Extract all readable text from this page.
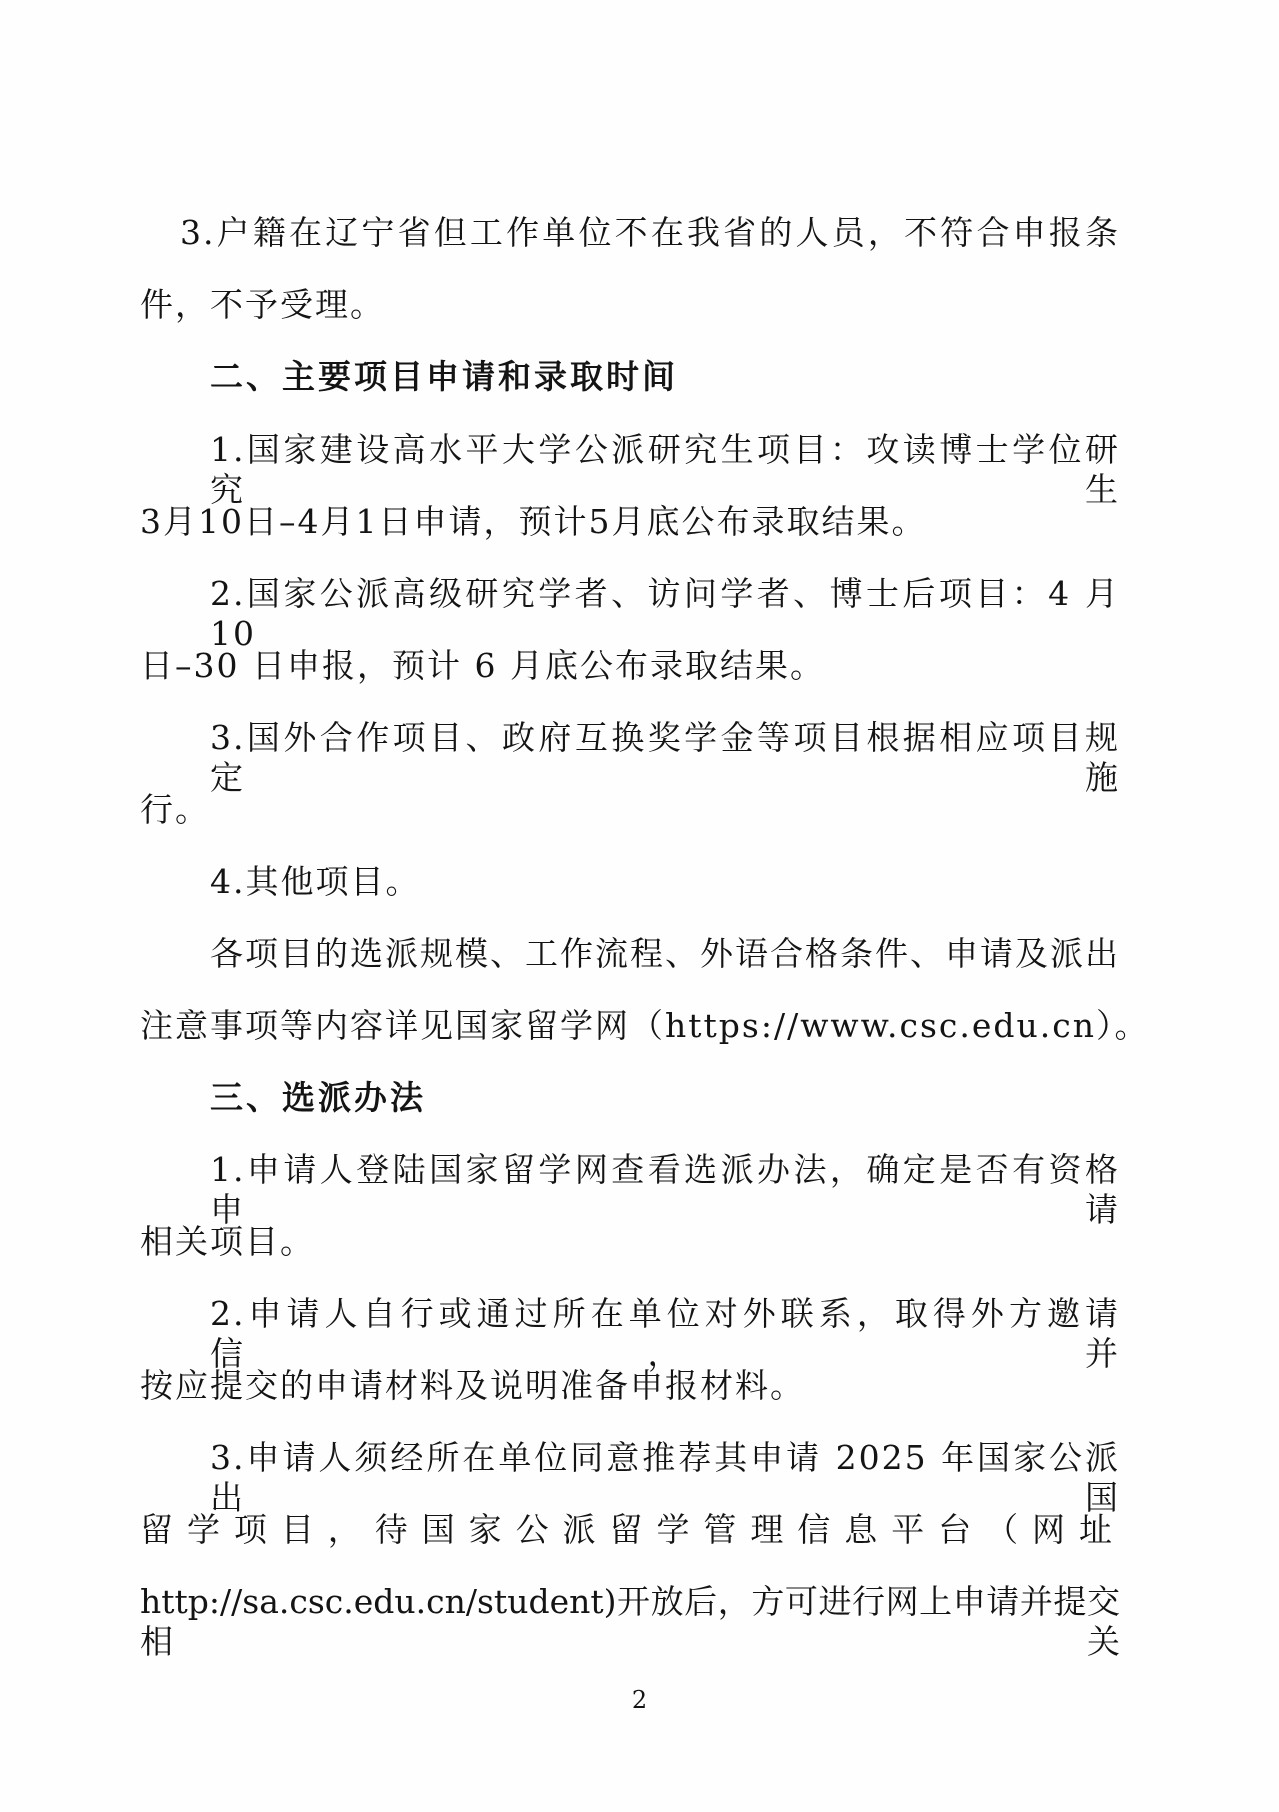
3.户籍在辽宁省但工作单位不在我省的人员，不符合申报条

件，不予受理。

二、主要项目申请和录取时间

1.国家建设高水平大学公派研究生项目：攻读博士学位研究生

3月10日–4月1日申请，预计5月底公布录取结果。

2.国家公派高级研究学者、访问学者、博士后项目：4 月 10

日–30 日申报，预计 6 月底公布录取结果。

3.国外合作项目、政府互换奖学金等项目根据相应项目规定施

行。

4.其他项目。

各项目的选派规模、工作流程、外语合格条件、申请及派出

注意事项等内容详见国家留学网（https://www.csc.edu.cn）。

三、选派办法

1.申请人登陆国家留学网查看选派办法，确定是否有资格申请

相关项目。

2.申请人自行或通过所在单位对外联系，取得外方邀请信，并

按应提交的申请材料及说明准备申报材料。

3.申请人须经所在单位同意推荐其申请 2025 年国家公派出国

留学项目，待国家公派留学管理信息平台（网址

http://sa.csc.edu.cn/student)开放后，方可进行网上申请并提交相关

2
